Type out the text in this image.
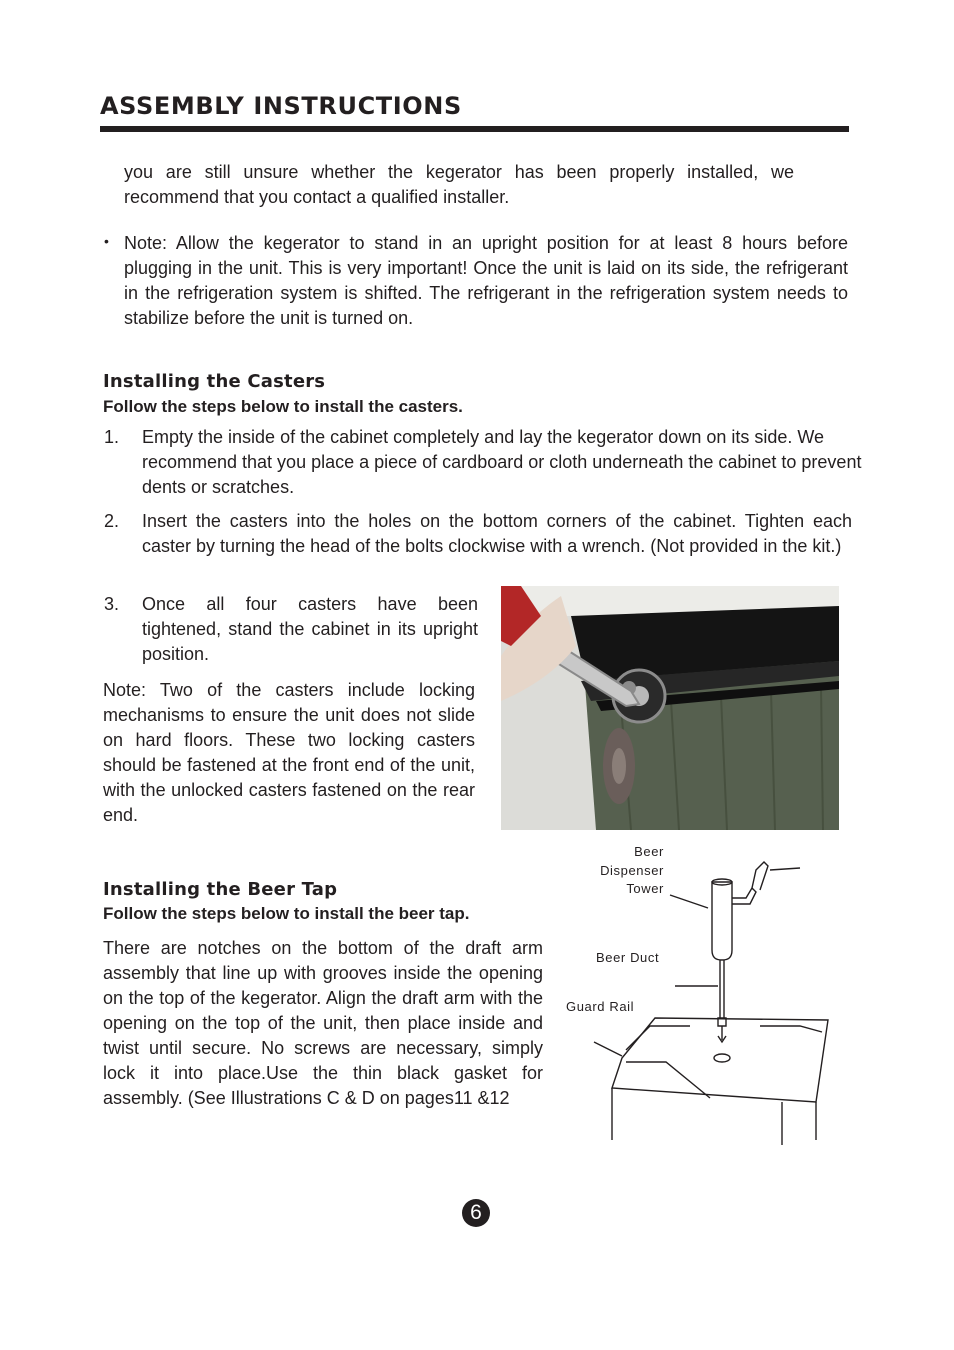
ASSEMBLY INSTRUCTIONS
you are still unsure whether the kegerator has been properly installed, we recommend that you contact a qualified installer.
• Note: Allow the kegerator to stand in an upright position for at least 8 hours before plugging in the unit. This is very important! Once the unit is laid on its side, the refrigerant in the refrigeration system is shifted. The refrigerant in the refrigeration system needs to stabilize before the unit is turned on.
Installing the Casters
Follow the steps below to install the casters.
1. Empty the inside of the cabinet completely and lay the kegerator down on its side. We recommend that you place a piece of cardboard or cloth underneath the cabinet to prevent dents or scratches.
2. Insert the casters into the holes on the bottom corners of the cabinet. Tighten each caster by turning the head of the bolts clockwise with a wrench. (Not provided in the kit.)
3. Once all four casters have been tightened, stand the cabinet in its upright position.
Note: Two of the casters include locking mechanisms to ensure the unit does not slide on hard floors. These two locking casters should be fastened at the front end of the unit, with the unlocked casters fastened on the rear end.
Installing the Beer Tap
Follow the steps below to install the beer tap.
There are notches on the bottom of the draft arm assembly that line up with grooves inside the opening on the top of the kegerator. Align the draft arm with the opening on the top of the unit, then place inside and twist until secure. No screws are necessary, simply lock it into place.Use the thin black gasket for assembly. (See Illustrations C & D on pages11 &12
Beer
Dispenser
Tower
Beer Duct
Guard Rail
6
